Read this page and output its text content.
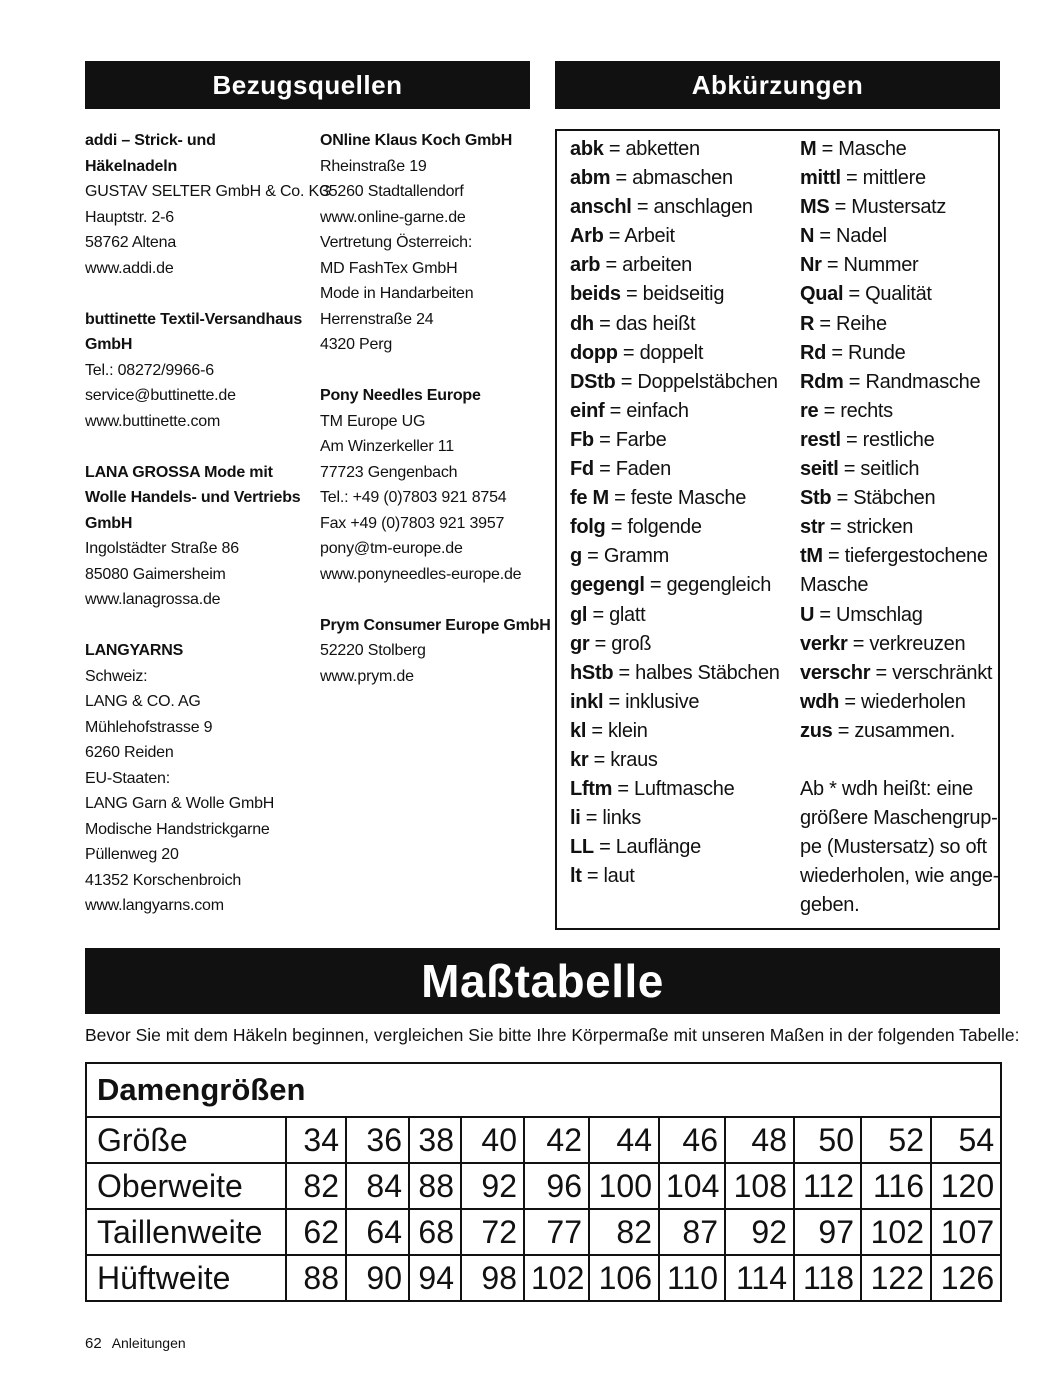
Bezugsquellen	Abkürzungen
addi – Strick- und
Häkelnadeln
GUSTAV SELTER GmbH & Co. KG
Hauptstr. 2-6
58762 Altena
www.addi.de
buttinette Textil-Versandhaus
GmbH
Tel.: 08272/9966-6
service@buttinette.de
www.buttinette.com
LANA GROSSA Mode mit
Wolle Handels- und Vertriebs
GmbH
Ingolstädter Straße 86
85080 Gaimersheim
www.lanagrossa.de
LANGYARNS
Schweiz:
LANG & CO. AG
Mühlehofstrasse 9
6260 Reiden
EU-Staaten:
LANG Garn & Wolle GmbH
Modische Handstrickgarne
Püllenweg 20
41352 Korschenbroich
www.langyarns.com
ONline Klaus Koch GmbH
Rheinstraße 19
35260 Stadtallendorf
www.online-garne.de
Vertretung Österreich:
MD FashTex GmbH
Mode in Handarbeiten
Herrenstraße 24
4320 Perg
Pony Needles Europe
TM Europe UG
Am Winzerkeller 11
77723 Gengenbach
Tel.: +49 (0)7803 921 8754
Fax +49 (0)7803 921 3957
pony@tm-europe.de
www.ponyneedles-europe.de
Prym Consumer Europe GmbH
52220 Stolberg
www.prym.de
abk = abketten
abm = abmaschen
anschl = anschlagen
Arb = Arbeit
arb = arbeiten
beids = beidseitig
dh = das heißt
dopp = doppelt
DStb = Doppelstäbchen
einf = einfach
Fb = Farbe
Fd = Faden
fe M = feste Masche
folg = folgende
g = Gramm
gegengl = gegengleich
gl = glatt
gr = groß
hStb = halbes Stäbchen
inkl = inklusive
kl = klein
kr = kraus
Lftm = Luftmasche
li = links
LL = Lauflänge
lt = laut
M = Masche
mittl = mittlere
MS = Mustersatz
N = Nadel
Nr = Nummer
Qual = Qualität
R = Reihe
Rd = Runde
Rdm = Randmasche
re = rechts
restl = restliche
seitl = seitlich
Stb = Stäbchen
str = stricken
tM = tiefergestochene
Masche
U = Umschlag
verkr = verkreuzen
verschr = verschränkt
wdh = wiederholen
zus = zusammen.
Ab * wdh heißt: eine
größere Maschengrup-
pe (Mustersatz) so oft
wiederholen, wie ange-
geben.
Maßtabelle
Bevor Sie mit dem Häkeln beginnen, vergleichen Sie bitte Ihre Körpermaße mit unseren Maßen in der folgenden Tabelle:
Damengrößen											
Größe	34	36	38	40	42	44	46	48	50	52	54
Oberweite	82	84	88	92	96	100	104	108	112	116	120
Taillenweite	62	64	68	72	77	82	87	92	97	102	107
Hüftweite	88	90	94	98	102	106	110	114	118	122	126
62 Anleitungen
